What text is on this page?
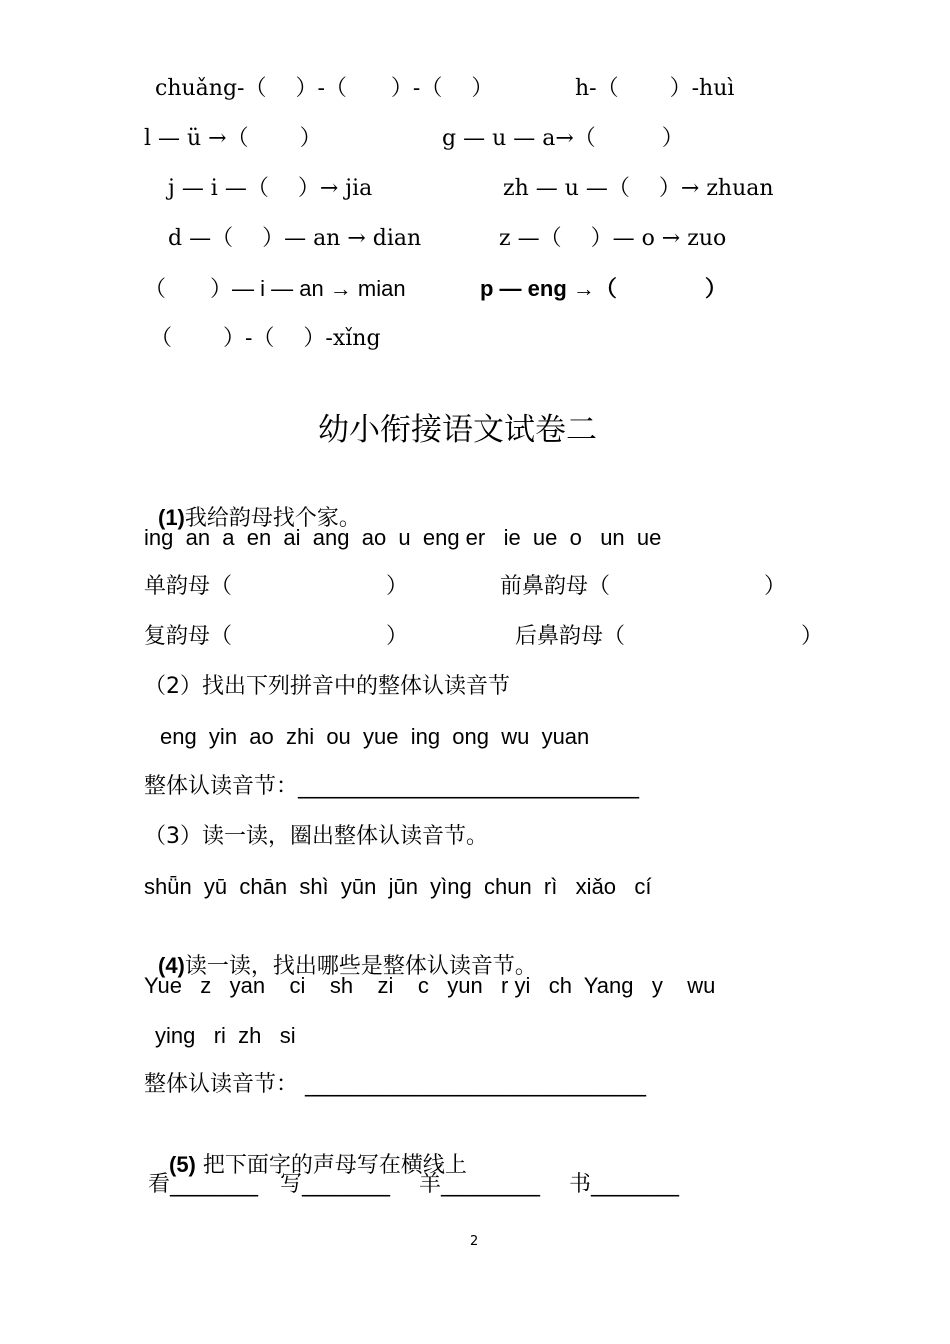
chuǎng-（　 ）-（　　）-（　 ）	h-（　　 ）-huì
l — ü →（　　 ）	g — u — a→（　　　）
j — i —（　 ）→ jia	zh — u —（　 ）→ zhuan
d —（　 ）— an → dian	z —（　 ）— o → zuo
（　　）— i — an → mian	p — eng →（　　　　）
（　　 ）-（　 ）-xǐng
幼小衔接语文试卷二

(1)我给韵母找个家。

ing  an  a  en  ai  ang  ao  u  eng er   ie  ue  o   un  ue
单韵母（　　　　　　　）	前鼻韵母（　　　　　　　）
复韵母（　　　　　　　）	后鼻韵母（　　　　　　　　）
（2）找出下列拼音中的整体认读音节
eng  yin  ao  zhi  ou  yue  ing  ong  wu  yuan
整体认读音节：_______________________________
（3）读一读，圈出整体认读音节。
shǖn  yū  chān  shì  yūn  jūn  yìng  chun  rì   xiǎo   cí

(4)读一读，找出哪些是整体认读音节。

Yue   z   yan    ci    sh    zi    c   yun   r yi   ch  Yang   y    wu
ying   ri  zh   si
整体认读音节： _______________________________

(5) 把下面字的声母写在横线上

看________　写________　 羊_________　 书________
2
